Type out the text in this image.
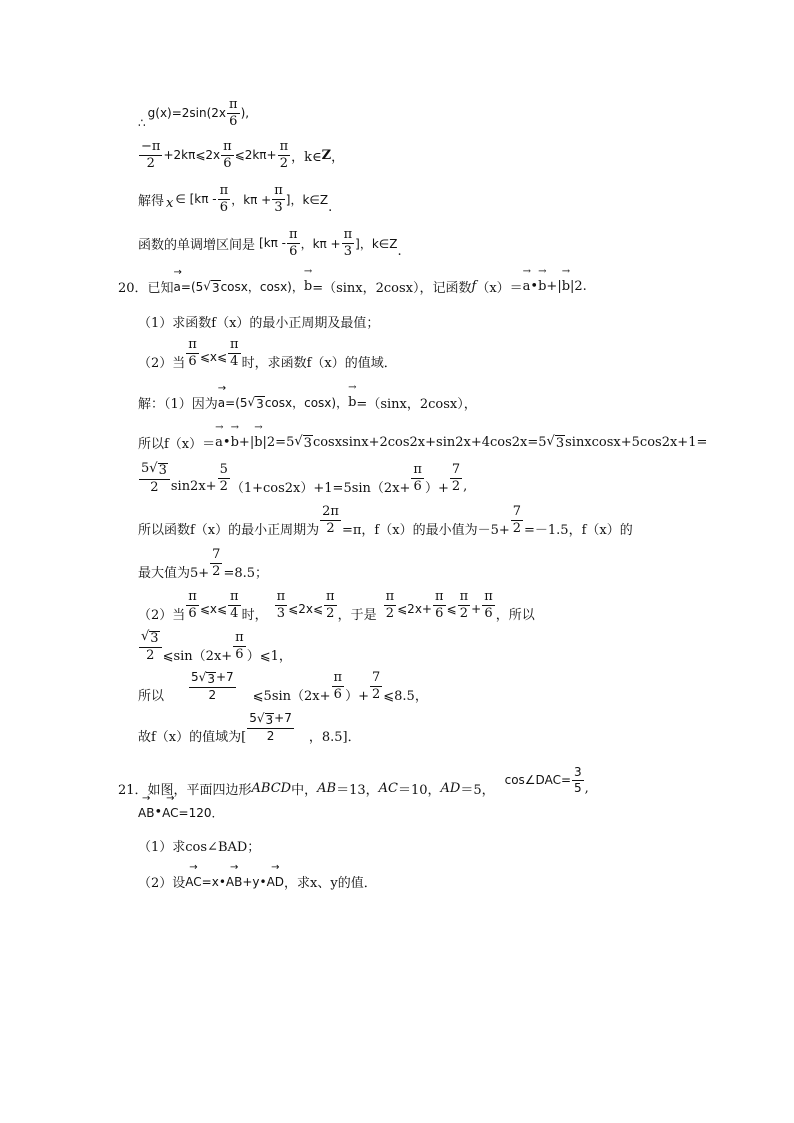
∴
$g(x)=2\sin(2x \frac{\pi}{6}$ ),
$\frac{-\pi}{2}$ +2kπ⩽2x $\frac{\pi}{6}$ ⩽2kπ+ $\frac{\pi}{2}$ ，k∈ Z ，
解得 x ∈ [$k\pi - \frac{\pi}{6}$ ，$k\pi + \frac{\pi}{3}$ ]，k∈Z .
函数的单调增区间是 [$k\pi - \frac{\pi}{6}$ ，$k\pi + \frac{\pi}{3}$ ]，k∈Z .
20．已知 → a =(5 √ 3 cosx，cosx)， → b =（sinx，2cosx），记函数 f （x）＝ → a • → b +| → b |2.
（1）求函数f（x）的最小正周期及最值；
（2）当 $\frac{\pi}{6}$ ⩽x⩽ $\frac{\pi}{4}$ 时，求函数f（x）的值域．
解：（1）因为 → a =(5 √ 3 cosx，cosx)， → b =（sinx，2cosx），
所以f（x）＝ → a • → b +| → b |2=5 √ 3 cosxsinx+2cos2x+sin2x+4cos2x=5 √ 3 sinxcosx+5cos2x+1=
$\frac{5√ 3}{2} \sin 2x+ \frac{5}{2} (1+\cos 2x)+1=5\sin(2x+ \frac{\pi}{6}$ ）+ $\frac{7}{2}$ ,
所以函数f（x）的最小正周期为 $\frac{2\pi}{2} =\pi$，f（x）的最小值为$-5+ \frac{7}{2} =-1.5$，f（x）的
最大值为$5+ \frac{7}{2} =8.5$；
（2）当 $\frac{\pi}{6}$ ⩽x⩽ $\frac{\pi}{4}$ 时， $\frac{\pi}{3}$ ⩽2x⩽ $\frac{\pi}{2}$ ，于是 $\frac{\pi}{2}$ ⩽2x+ $\frac{\pi}{6}$ ⩽ $\frac{\pi}{2} + \frac{\pi}{6}$ ，所以
$\frac{√ 3}{2}$ ⩽sin（2x+ $\frac{\pi}{6}$ ）⩽1，
所以 $\frac{5√ 3 +7}{2}$ ⩽5sin（2x+ $\frac{\pi}{6}$ ）+ $\frac{7}{2}$ ⩽8.5，
故f（x）的值域为[ $\frac{5√ 3 +7}{2}$ ，8.5]．
21．如图，平面四边形 ABCD 中， AB ＝13， AC ＝10， AD ＝5，
cos∠DAC= $\frac{3}{5}$ ,
→ AB • → AC =120．
（1）求cos∠BAD；
（2）设 → AC =x• → AB +y• → AD ，求x、y的值．
